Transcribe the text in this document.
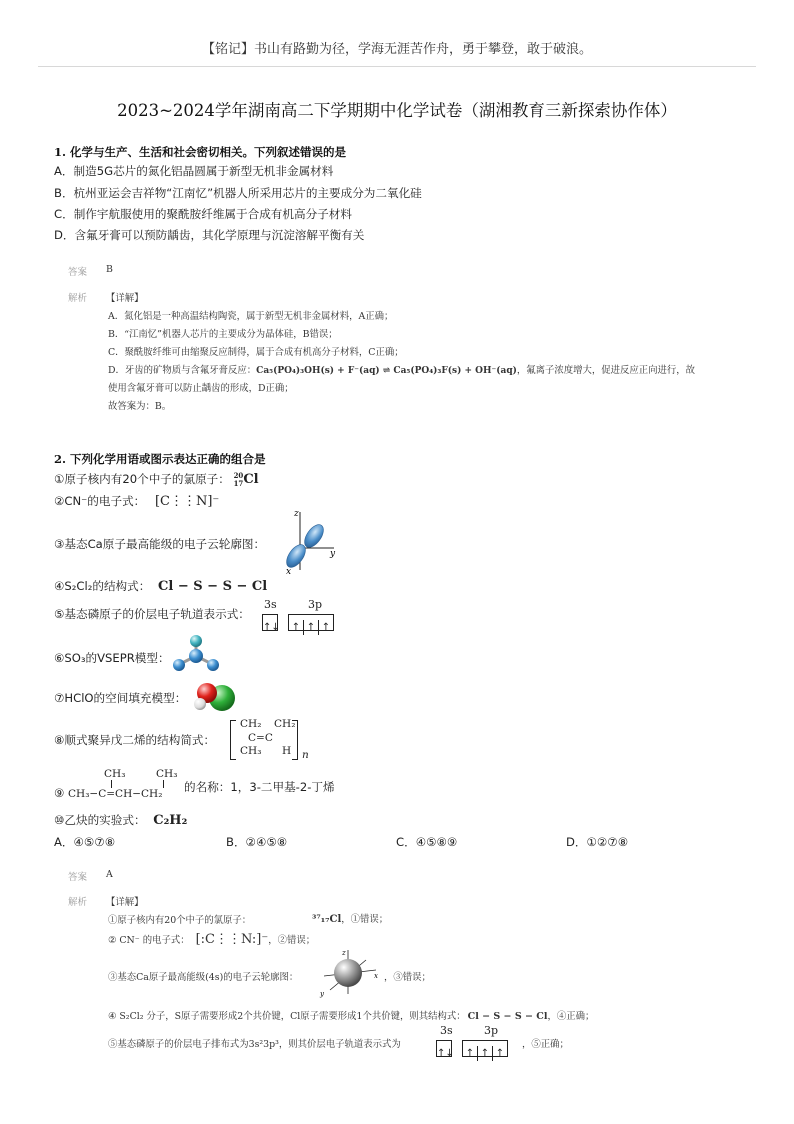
【铭记】书山有路勤为径，学海无涯苦作舟，勇于攀登，敢于破浪。
2023~2024学年湖南高二下学期期中化学试卷（湖湘教育三新探索协作体）
1. 化学与生产、生活和社会密切相关。下列叙述错误的是
A．制造5G芯片的氮化铝晶圆属于新型无机非金属材料
B．杭州亚运会吉祥物“江南忆”机器人所采用芯片的主要成分为二氧化硅
C．制作宇航服使用的聚酰胺纤维属于合成有机高分子材料
D．含氟牙膏可以预防龋齿，其化学原理与沉淀溶解平衡有关
答案 B
解析 【详解】
A．氮化铝是一种高温结构陶瓷，属于新型无机非金属材料，A正确；
B．“江南忆”机器人芯片的主要成分为晶体硅，B错误；
C．聚酰胺纤维可由缩聚反应制得，属于合成有机高分子材料，C正确；
D．牙齿的矿物质与含氟牙膏反应：Ca₅(PO₄)₃OH(s) + F⁻(aq) ⇌ Ca₅(PO₄)₃F(s) + OH⁻(aq)，氟离子浓度增大，促进反应正向进行，故
使用含氟牙膏可以防止龋齿的形成，D正确；
故答案为：B。
2. 下列化学用语或图示表达正确的组合是
①原子核内有20个中子的氯原子： 20
17 Cl
②CN⁻的电子式： [C⋮⋮N]⁻
③基态Ca原子最高能级的电子云轮廓图：
z
y
x
④S₂Cl₂的结构式： Cl − S − S − Cl
⑤基态磷原子的价层电子轨道表示式：
3s	3p
↑↓	↑ ↑ ↑
⑥SO₃的VSEPR模型：
⑦HClO的空间填充模型：
⑧顺式聚异戊二烯的结构简式：
CH₂ CH₂
C=C
CH₃ H n
CH₃	CH₃
CH₃−C=CH−CH₂
⑨	的名称：1，3-二甲基-2-丁烯
⑩乙炔的实验式： C₂H₂
A．④⑤⑦⑧	B．②④⑤⑧	C．④⑤⑧⑨	D．①②⑦⑧
答案 A
解析 【详解】
①原子核内有20个中子的氯原子：	³⁷₁₇Cl，①错误；
② CN⁻ 的电子式： [:C⋮⋮N:]⁻，②错误；
③基态Ca原子最高能级(4s)的电子云轮廓图：
z
x
y
，③错误；
④ S₂Cl₂ 分子，S原子需要形成2个共价键，Cl原子需要形成1个共价键，则其结构式： Cl − S − S − Cl，④正确；
⑤基态磷原子的价层电子排布式为3s²3p³，则其价层电子轨道表示式为
3s	3p
↑↓	↑ ↑ ↑
，⑤正确；
